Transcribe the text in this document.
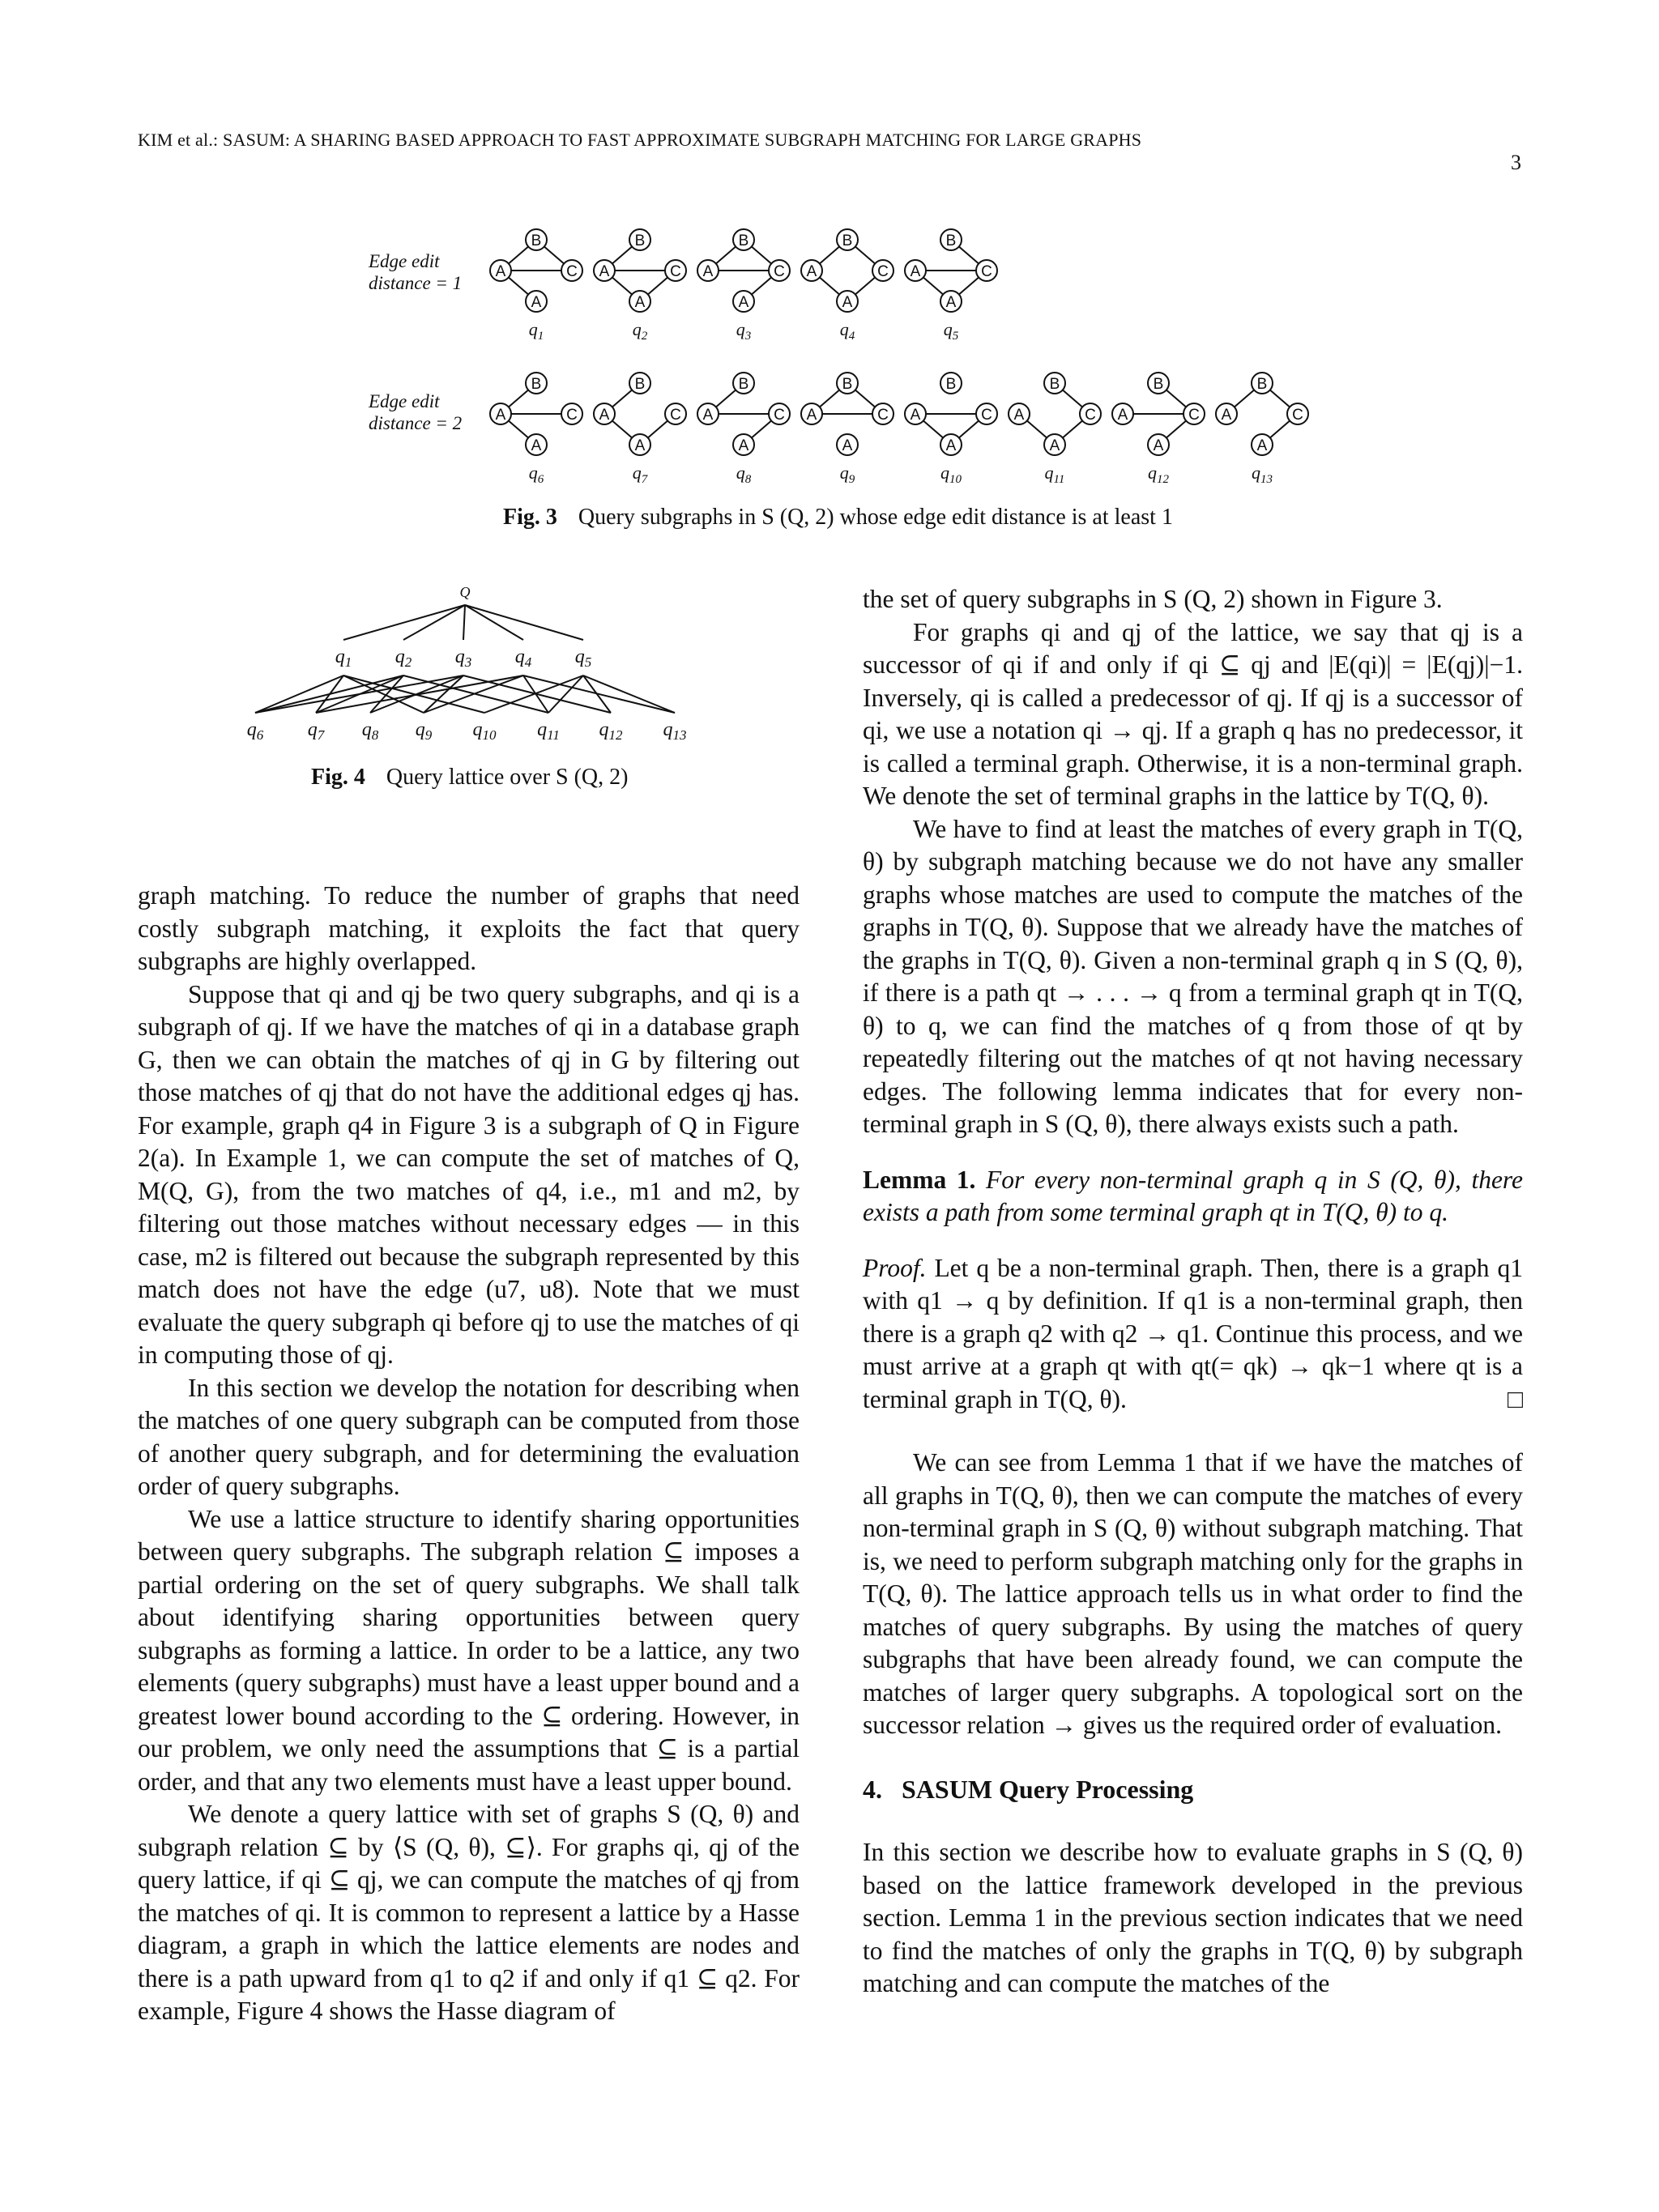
KIM et al.: SASUM: A SHARING BASED APPROACH TO FAST APPROXIMATE SUBGRAPH MATCHING FOR LARGE GRAPHS
3
Edge edit
distance = 1
Edge edit
distance = 2
A
B
C
A
$q_1$
A
B
C
A
$q_2$
A
B
C
A
$q_3$
A
B
C
A
$q_4$
A
B
C
A
$q_5$
A
B
C
A
$q_6$
A
B
C
A
$q_7$
A
B
C
A
$q_8$
A
B
C
A
$q_9$
A
B
C
A
$q_{10}$
A
B
C
A
$q_{11}$
A
B
C
A
$q_{12}$
A
B
C
A
$q_{13}$
Fig. 3 Query subgraphs in S (Q, 2) whose edge edit distance is at least 1
Q
$q_1$ $q_2$ $q_3$ $q_4$ $q_5$
$q_6$ $q_7$ $q_8$ $q_9$ $q_{10}$ $q_{11}$ $q_{12}$ $q_{13}$
Fig. 4 Query lattice over S (Q, 2)

graph matching. To reduce the number of graphs that need costly subgraph matching, it exploits the fact that query subgraphs are highly overlapped.

Suppose that qi and qj be two query subgraphs, and qi is a subgraph of qj. If we have the matches of qi in a database graph G, then we can obtain the matches of qj in G by filtering out those matches of qj that do not have the additional edges qj has. For example, graph q4 in Figure 3 is a subgraph of Q in Figure 2(a). In Example 1, we can compute the set of matches of Q, M(Q, G), from the two matches of q4, i.e., m1 and m2, by filtering out those matches without necessary edges — in this case, m2 is filtered out because the subgraph represented by this match does not have the edge (u7, u8). Note that we must evaluate the query subgraph qi before qj to use the matches of qi in computing those of qj.

In this section we develop the notation for describing when the matches of one query subgraph can be computed from those of another query subgraph, and for determining the evaluation order of query subgraphs.

We use a lattice structure to identify sharing opportunities between query subgraphs. The subgraph relation ⊆ imposes a partial ordering on the set of query subgraphs. We shall talk about identifying sharing opportunities between query subgraphs as forming a lattice. In order to be a lattice, any two elements (query subgraphs) must have a least upper bound and a greatest lower bound according to the ⊆ ordering. However, in our problem, we only need the assumptions that ⊆ is a partial order, and that any two elements must have a least upper bound.

We denote a query lattice with set of graphs S (Q, θ) and subgraph relation ⊆ by ⟨S (Q, θ), ⊆⟩. For graphs qi, qj of the query lattice, if qi ⊆ qj, we can compute the matches of qj from the matches of qi. It is common to represent a lattice by a Hasse diagram, a graph in which the lattice elements are nodes and there is a path upward from q1 to q2 if and only if q1 ⊆ q2. For example, Figure 4 shows the Hasse diagram of

the set of query subgraphs in S (Q, 2) shown in Figure 3.

For graphs qi and qj of the lattice, we say that qj is a successor of qi if and only if qi ⊆ qj and |E(qi)| = |E(qj)|−1. Inversely, qi is called a predecessor of qj. If qj is a successor of qi, we use a notation qi → qj. If a graph q has no predecessor, it is called a terminal graph. Otherwise, it is a non-terminal graph. We denote the set of terminal graphs in the lattice by T(Q, θ).

We have to find at least the matches of every graph in T(Q, θ) by subgraph matching because we do not have any smaller graphs whose matches are used to compute the matches of the graphs in T(Q, θ). Suppose that we already have the matches of the graphs in T(Q, θ). Given a non-terminal graph q in S (Q, θ), if there is a path qt → . . . → q from a terminal graph qt in T(Q, θ) to q, we can find the matches of q from those of qt by repeatedly filtering out the matches of qt not having necessary edges. The following lemma indicates that for every non-terminal graph in S (Q, θ), there always exists such a path.

Lemma 1. For every non-terminal graph q in S (Q, θ), there exists a path from some terminal graph qt in T(Q, θ) to q.

Proof. Let q be a non-terminal graph. Then, there is a graph q1 with q1 → q by definition. If q1 is a non-terminal graph, then there is a graph q2 with q2 → q1. Continue this process, and we must arrive at a graph qt with qt(= qk) → qk−1 where qt is a terminal graph in T(Q, θ).	□

We can see from Lemma 1 that if we have the matches of all graphs in T(Q, θ), then we can compute the matches of every non-terminal graph in S (Q, θ) without subgraph matching. That is, we need to perform subgraph matching only for the graphs in T(Q, θ). The lattice approach tells us in what order to find the matches of query subgraphs. By using the matches of query subgraphs that have been already found, we can compute the matches of larger query subgraphs. A topological sort on the successor relation → gives us the required order of evaluation.

4. SASUM Query Processing

In this section we describe how to evaluate graphs in S (Q, θ) based on the lattice framework developed in the previous section. Lemma 1 in the previous section indicates that we need to find the matches of only the graphs in T(Q, θ) by subgraph matching and can compute the matches of the
